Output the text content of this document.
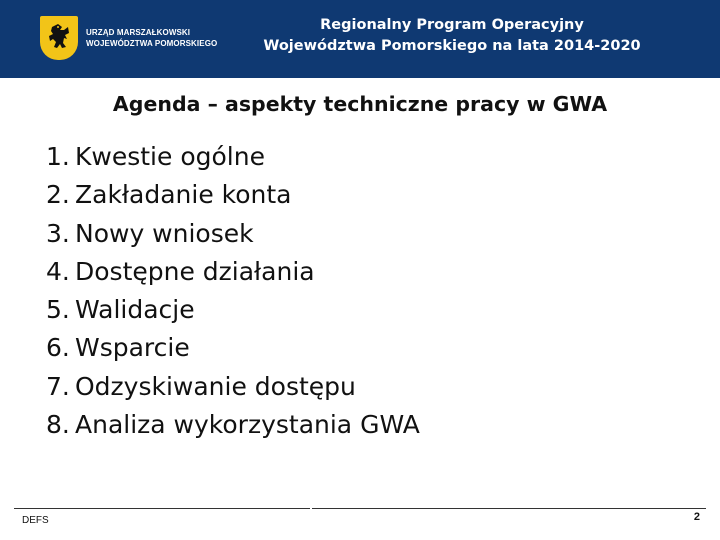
URZĄD MARSZAŁKOWSKI
WOJEWÓDZTWA POMORSKIEGO
Regionalny Program Operacyjny
Województwa Pomorskiego na lata 2014-2020
Agenda – aspekty techniczne pracy w GWA
1. Kwestie ogólne
2. Zakładanie konta
3. Nowy wniosek
4. Dostępne działania
5. Walidacje
6. Wsparcie
7. Odzyskiwanie dostępu
8. Analiza wykorzystania GWA
DEFS	2
